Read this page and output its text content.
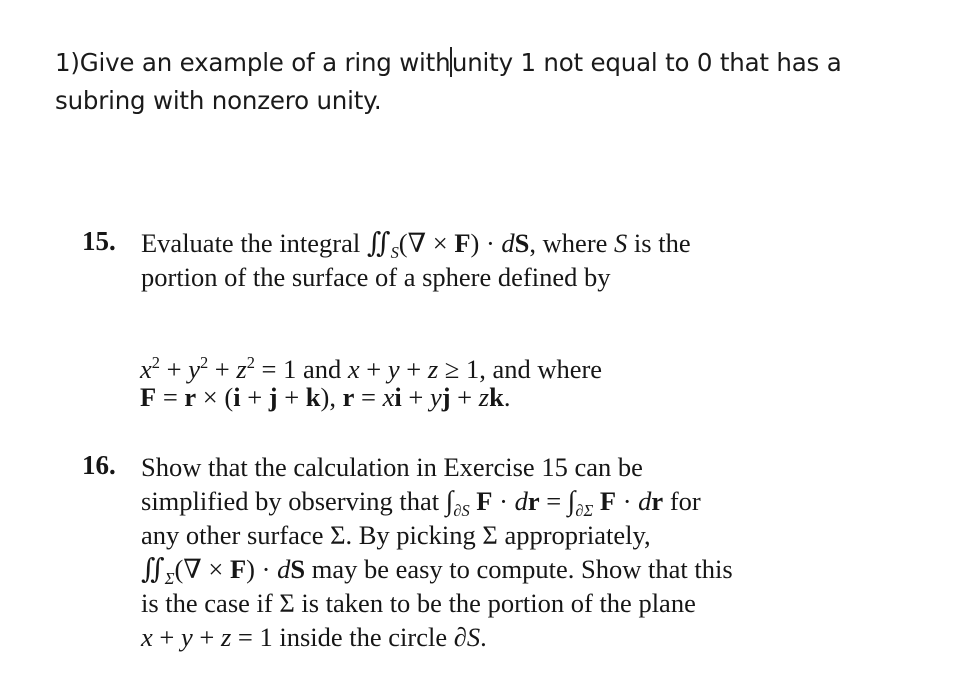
1)Give an example of a ring withunity 1 not equal to 0 that has a
subring with nonzero unity.
15. Evaluate the integral $∬_S(\nabla \times F)$ · dS, where S is the
portion of the surface of a sphere defined by
$x^2 + y^2 + z^2 = 1$ and x + y + z ≥ 1, and where
F = r × (i + j + k), r = xi + yj + zk.
16. Show that the calculation in Exercise 15 can be
simplified by observing that $\int_{\partial S}$ F · dr = $\int_{\partial\Sigma}$ F · dr for
any other surface Σ. By picking Σ appropriately,
$∬_\Sigma(\nabla \times F)$ · dS may be easy to compute. Show that this
is the case if Σ is taken to be the portion of the plane
x + y + z = 1 inside the circle ∂S.
